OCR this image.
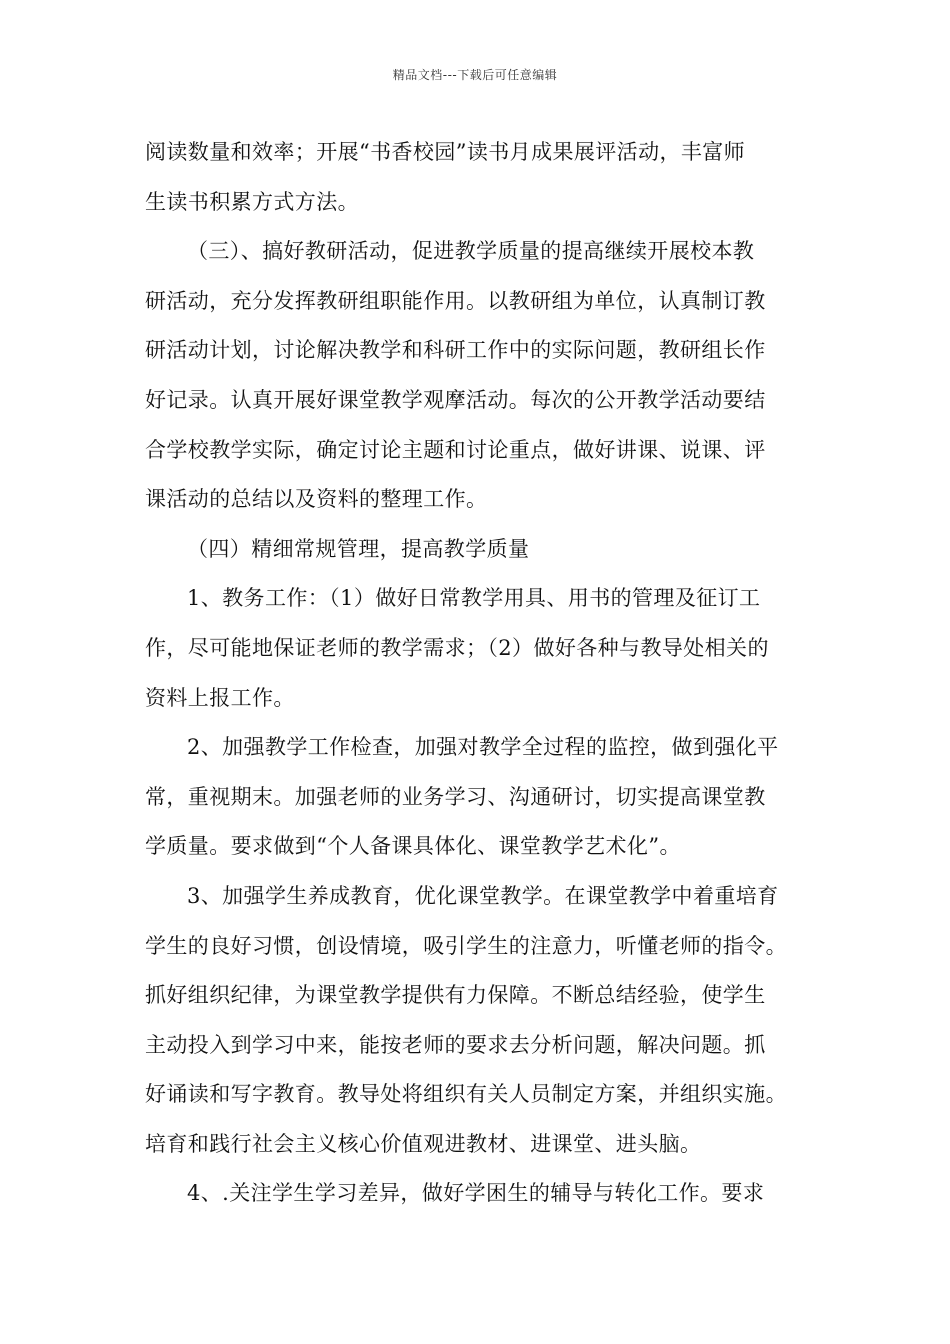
精品文档---下载后可任意编辑

阅读数量和效率；开展“书香校园”读书月成果展评活动，丰富师
生读书积累方式方法。

（三）、搞好教研活动，促进教学质量的提高继续开展校本教
研活动，充分发挥教研组职能作用。以教研组为单位，认真制订教
研活动计划，讨论解决教学和科研工作中的实际问题，教研组长作
好记录。认真开展好课堂教学观摩活动。每次的公开教学活动要结
合学校教学实际，确定讨论主题和讨论重点，做好讲课、说课、评
课活动的总结以及资料的整理工作。

（四）精细常规管理，提高教学质量

1、教务工作：（1）做好日常教学用具、用书的管理及征订工
作，尽可能地保证老师的教学需求；（2）做好各种与教导处相关的
资料上报工作。

2、加强教学工作检查，加强对教学全过程的监控，做到强化平
常，重视期末。加强老师的业务学习、沟通研讨，切实提高课堂教
学质量。要求做到“个人备课具体化、课堂教学艺术化”。

3、加强学生养成教育，优化课堂教学。在课堂教学中着重培育
学生的良好习惯，创设情境，吸引学生的注意力，听懂老师的指令。
抓好组织纪律，为课堂教学提供有力保障。不断总结经验，使学生
主动投入到学习中来，能按老师的要求去分析问题，解决问题。抓
好诵读和写字教育。教导处将组织有关人员制定方案，并组织实施。
培育和践行社会主义核心价值观进教材、进课堂、进头脑。

4、.关注学生学习差异，做好学困生的辅导与转化工作。要求
